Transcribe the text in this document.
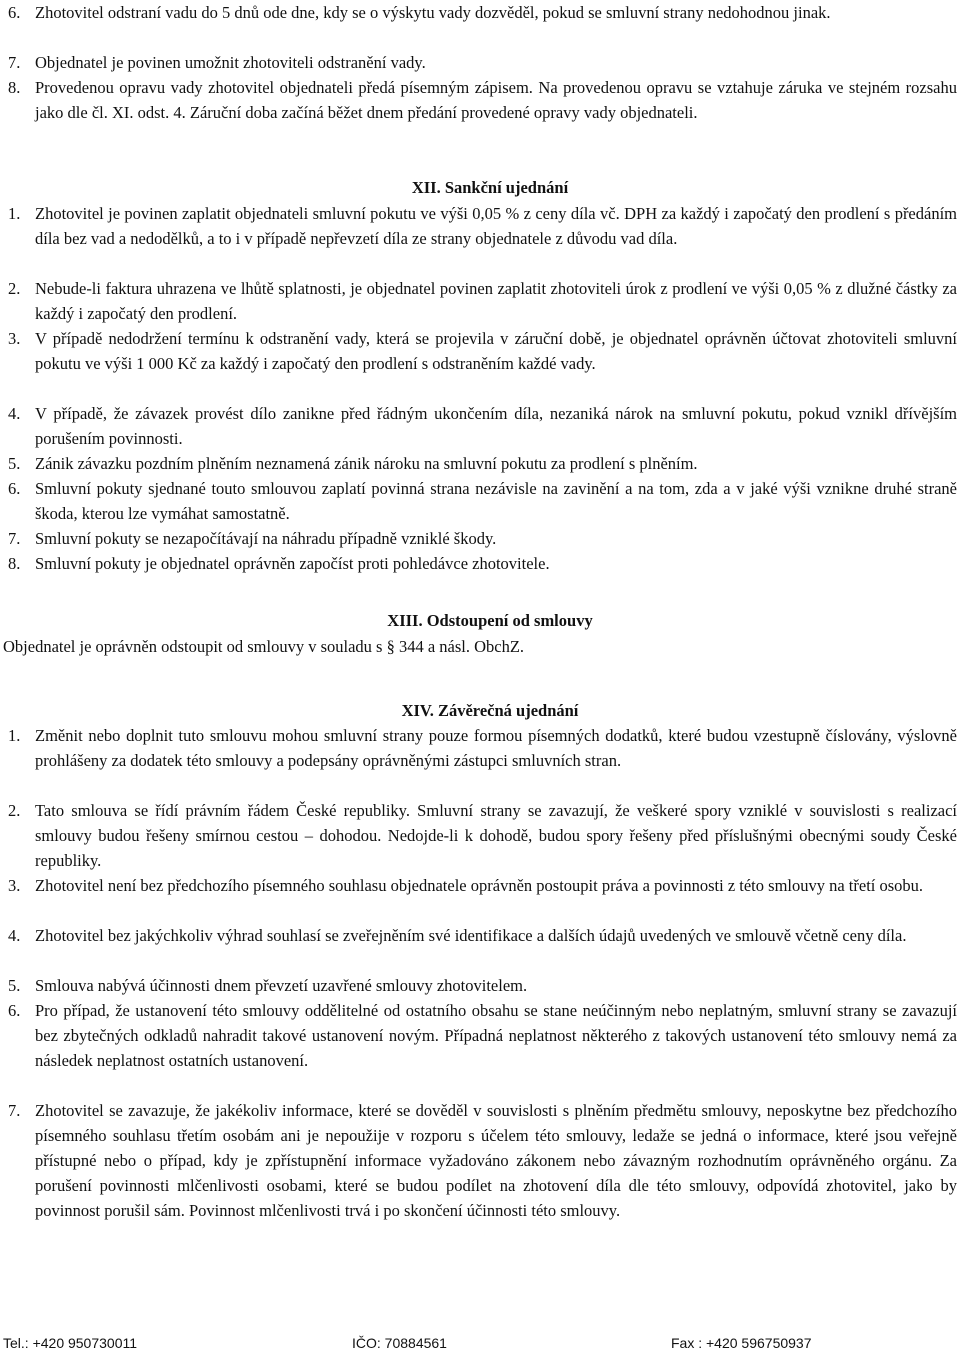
6. Zhotovitel odstraní vadu do 5 dnů ode dne, kdy se o výskytu vady dozvěděl, pokud se smluvní strany nedohodnou jinak.
7. Objednatel je povinen umožnit zhotoviteli odstranění vady.
8. Provedenou opravu vady zhotovitel objednateli předá písemným zápisem. Na provedenou opravu se vztahuje záruka ve stejném rozsahu jako dle čl. XI. odst. 4. Záruční doba začíná běžet dnem předání provedené opravy vady objednateli.
XII. Sankční ujednání
1. Zhotovitel je povinen zaplatit objednateli smluvní pokutu ve výši 0,05 % z ceny díla vč. DPH za každý i započatý den prodlení s předáním díla bez vad a nedodělků, a to i v případě nepřevzetí díla ze strany objednatele z důvodu vad díla.
2. Nebude-li faktura uhrazena ve lhůtě splatnosti, je objednatel povinen zaplatit zhotoviteli úrok z prodlení ve výši 0,05 % z dlužné částky za každý i započatý den prodlení.
3. V případě nedodržení termínu k odstranění vady, která se projevila v záruční době, je objednatel oprávněn účtovat zhotoviteli smluvní pokutu ve výši 1 000 Kč za každý i započatý den prodlení s odstraněním každé vady.
4. V případě, že závazek provést dílo zanikne před řádným ukončením díla, nezaniká nárok na smluvní pokutu, pokud vznikl dřívějším porušením povinnosti.
5. Zánik závazku pozdním plněním neznamená zánik nároku na smluvní pokutu za prodlení s plněním.
6. Smluvní pokuty sjednané touto smlouvou zaplatí povinná strana nezávisle na zavinění a na tom, zda a v jaké výši vznikne druhé straně škoda, kterou lze vymáhat samostatně.
7. Smluvní pokuty se nezapočítávají na náhradu případně vzniklé škody.
8. Smluvní pokuty je objednatel oprávněn započíst proti pohledávce zhotovitele.
XIII. Odstoupení od smlouvy
Objednatel je oprávněn odstoupit od smlouvy v souladu s § 344 a násl. ObchZ.
XIV. Závěrečná ujednání
1. Změnit nebo doplnit tuto smlouvu mohou smluvní strany pouze formou písemných dodatků, které budou vzestupně číslovány, výslovně prohlášeny za dodatek této smlouvy a podepsány oprávněnými zástupci smluvních stran.
2. Tato smlouva se řídí právním řádem České republiky. Smluvní strany se zavazují, že veškeré spory vzniklé v souvislosti s realizací smlouvy budou řešeny smírnou cestou – dohodou. Nedojde-li k dohodě, budou spory řešeny před příslušnými obecnými soudy České republiky.
3. Zhotovitel není bez předchozího písemného souhlasu objednatele oprávněn postoupit práva a povinnosti z této smlouvy na třetí osobu.
4. Zhotovitel bez jakýchkoliv výhrad souhlasí se zveřejněním své identifikace a dalších údajů uvedených ve smlouvě včetně ceny díla.
5. Smlouva nabývá účinnosti dnem převzetí uzavřené smlouvy zhotovitelem.
6. Pro případ, že ustanovení této smlouvy oddělitelné od ostatního obsahu se stane neúčinným nebo neplatným, smluvní strany se zavazují bez zbytečných odkladů nahradit takové ustanovení novým. Případná neplatnost některého z takových ustanovení této smlouvy nemá za následek neplatnost ostatních ustanovení.
7. Zhotovitel se zavazuje, že jakékoliv informace, které se dověděl v souvislosti s plněním předmětu smlouvy, neposkytne bez předchozího písemného souhlasu třetím osobám ani je nepoužije v rozporu s účelem této smlouvy, ledaže se jedná o informace, které jsou veřejně přístupné nebo o případ, kdy je zpřístupnění informace vyžadováno zákonem nebo závazným rozhodnutím oprávněného orgánu. Za porušení povinnosti mlčenlivosti osobami, které se budou podílet na zhotovení díla dle této smlouvy, odpovídá zhotovitel, jako by povinnost porušil sám. Povinnost mlčenlivosti trvá i po skončení účinnosti této smlouvy.
Tel.: +420 950730011	IČO: 70884561	Fax : +420 596750937
